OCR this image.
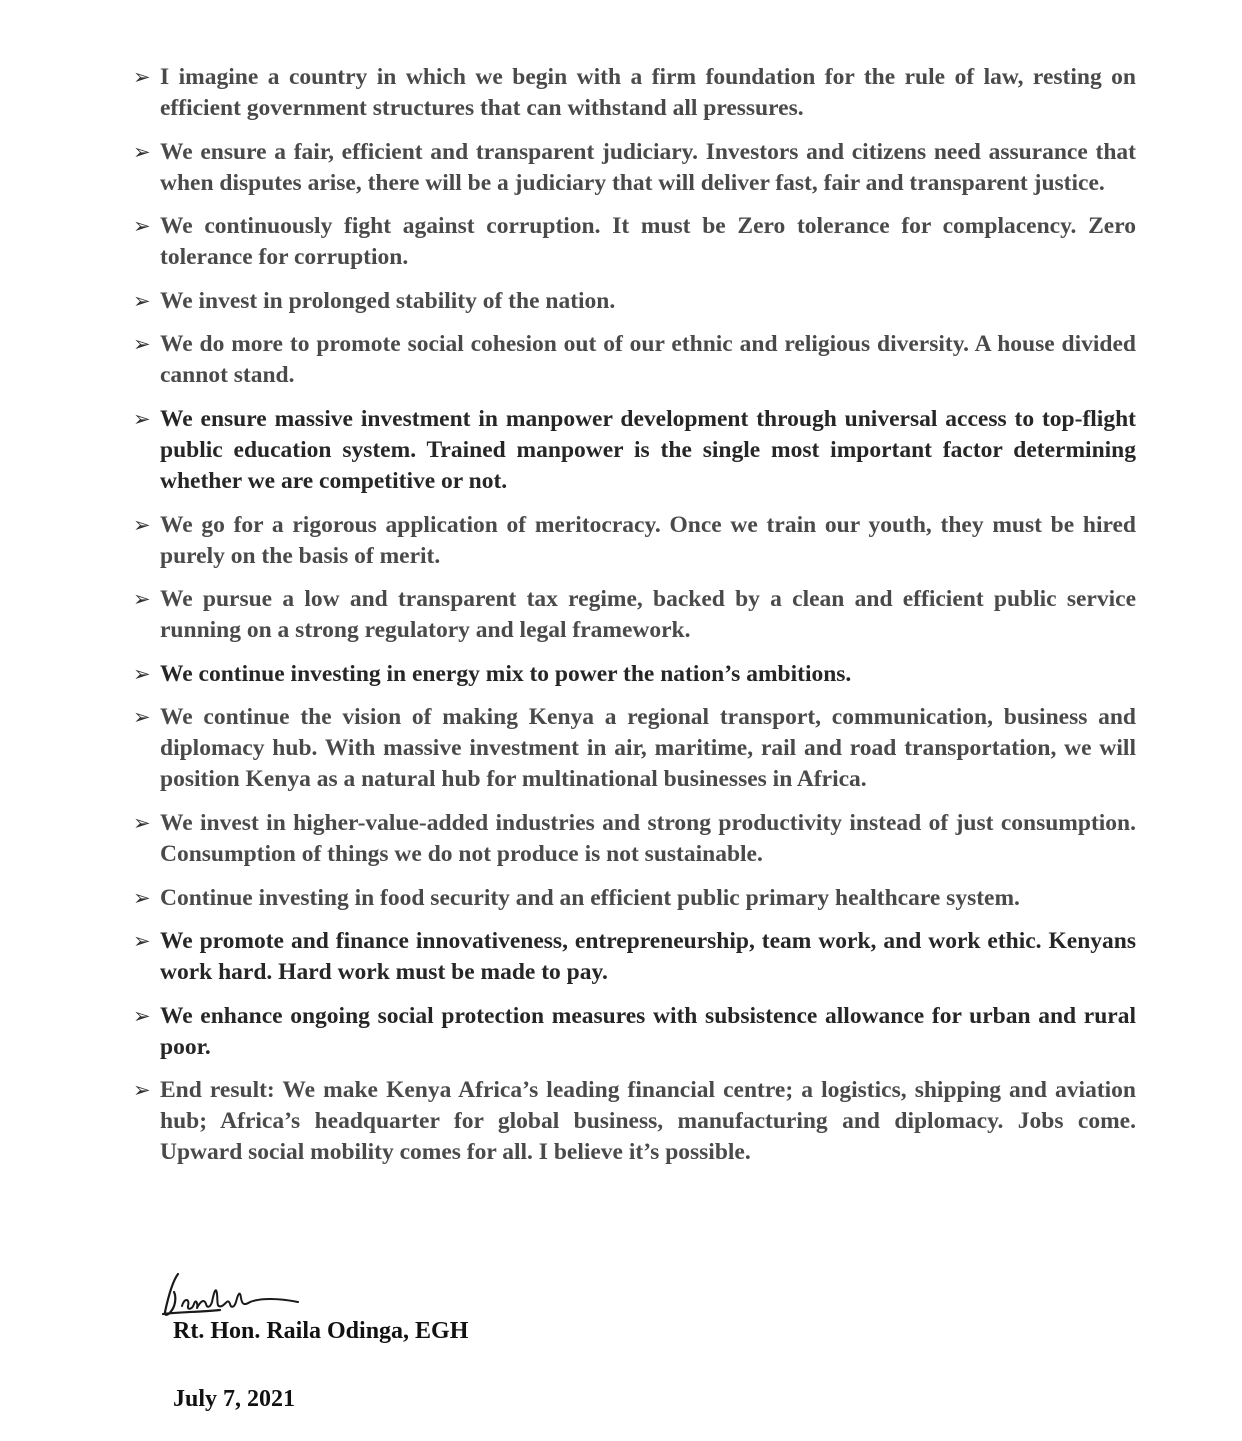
➢ I imagine a country in which we begin with a firm foundation for the rule of law, resting on efficient government structures that can withstand all pressures.
➢ We ensure a fair, efficient and transparent judiciary. Investors and citizens need assurance that when disputes arise, there will be a judiciary that will deliver fast, fair and transparent justice.
➢ We continuously fight against corruption. It must be Zero tolerance for complacency. Zero tolerance for corruption.
➢ We invest in prolonged stability of the nation.
➢ We do more to promote social cohesion out of our ethnic and religious diversity. A house divided cannot stand.
➢ We ensure massive investment in manpower development through universal access to top-flight public education system. Trained manpower is the single most important factor determining whether we are competitive or not.
➢ We go for a rigorous application of meritocracy. Once we train our youth, they must be hired purely on the basis of merit.
➢ We pursue a low and transparent tax regime, backed by a clean and efficient public service running on a strong regulatory and legal framework.
➢ We continue investing in energy mix to power the nation’s ambitions.
➢ We continue the vision of making Kenya a regional transport, communication, business and diplomacy hub. With massive investment in air, maritime, rail and road transportation, we will position Kenya as a natural hub for multinational businesses in Africa.
➢ We invest in higher-value-added industries and strong productivity instead of just consumption. Consumption of things we do not produce is not sustainable.
➢ Continue investing in food security and an efficient public primary healthcare system.
➢ We promote and finance innovativeness, entrepreneurship, team work, and work ethic. Kenyans work hard. Hard work must be made to pay.
➢ We enhance ongoing social protection measures with subsistence allowance for urban and rural poor.
➢ End result: We make Kenya Africa’s leading financial centre; a logistics, shipping and aviation hub; Africa’s headquarter for global business, manufacturing and diplomacy. Jobs come. Upward social mobility comes for all. I believe it’s possible.
Rt. Hon. Raila Odinga, EGH
July 7, 2021
